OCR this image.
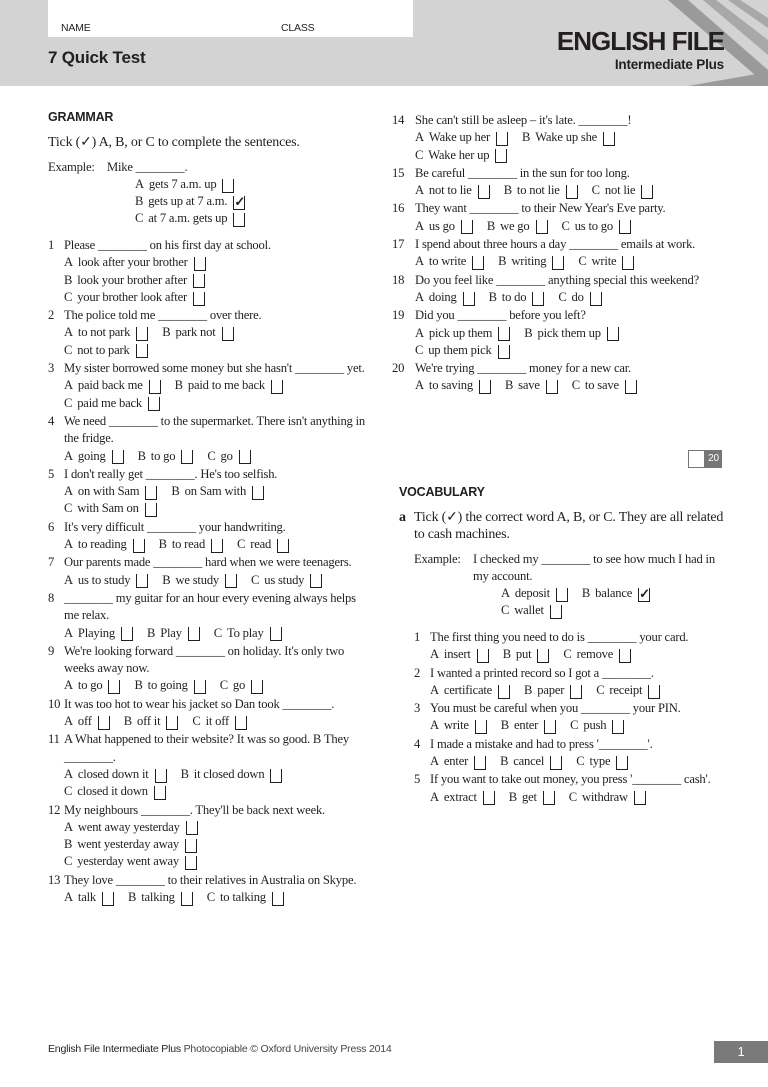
NAME	CLASS
7 Quick Test
ENGLISH FILE
Intermediate Plus
GRAMMAR
Tick (✓) A, B, or C to complete the sentences.
Example: Mike ________.
A gets 7 a.m. up
B gets up at 7 a.m. ✓
C at 7 a.m. gets up
1 Please ________ on his first day at school.
A look after your brother
B look your brother after
C your brother look after
2 The police told me ________ over there.
A to not park	B park not
C not to park
3 My sister borrowed some money but she hasn't ________ yet.
A paid back me	B paid to me back
C paid me back
4 We need ________ to the supermarket. There isn't anything in the fridge.
A going	B to go	C go
5 I don't really get ________. He's too selfish.
A on with Sam	B on Sam with
C with Sam on
6 It's very difficult ________ your handwriting.
A to reading	B to read	C read
7 Our parents made ________ hard when we were teenagers.
A us to study	B we study	C us study
8 ________ my guitar for an hour every evening always helps me relax.
A Playing	B Play	C To play
9 We're looking forward ________ on holiday. It's only two weeks away now.
A to go	B to going	C go
10 It was too hot to wear his jacket so Dan took ________.
A off	B off it	C it off
11 A What happened to their website? It was so good. B They ________.
A closed down it	B it closed down
C closed it down
12 My neighbours ________. They'll be back next week.
A went away yesterday
B went yesterday away
C yesterday went away
13 They love ________ to their relatives in Australia on Skype.
A talk	B talking	C to talking
14 She can't still be asleep – it's late. ________!
A Wake up her	B Wake up she
C Wake her up
15 Be careful ________ in the sun for too long.
A not to lie	B to not lie	C not lie
16 They want ________ to their New Year's Eve party.
A us go	B we go	C us to go
17 I spend about three hours a day ________ emails at work.
A to write	B writing	C write
18 Do you feel like ________ anything special this weekend?
A doing	B to do	C do
19 Did you ________ before you left?
A pick up them	B pick them up
C up them pick
20 We're trying ________ money for a new car.
A to saving	B save	C to save
20
VOCABULARY
a Tick (✓) the correct word A, B, or C. They are all related to cash machines.
Example: I checked my ________ to see how much I had in my account.
A deposit	B balance ✓
C wallet
1 The first thing you need to do is ________ your card.
A insert	B put	C remove
2 I wanted a printed record so I got a ________.
A certificate	B paper	C receipt
3 You must be careful when you ________ your PIN.
A write	B enter	C push
4 I made a mistake and had to press '________'.
A enter	B cancel	C type
5 If you want to take out money, you press '________ cash'.
A extract	B get	C withdraw
English File Intermediate Plus Photocopiable © Oxford University Press 2014	1
